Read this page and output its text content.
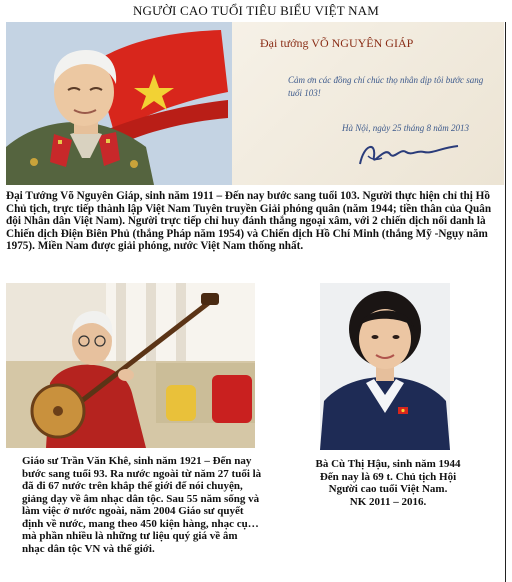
NGƯỜI CAO TUỔI TIÊU BIỂU VIỆT NAM
Đại tướng VÕ NGUYÊN GIÁP
Cảm ơn các đồng chí chúc thọ nhân dịp tôi bước sang tuổi 103!
Hà Nội, ngày 25 tháng 8 năm 2013
Đại Tướng Võ Nguyên Giáp, sinh năm 1911 – Đến nay bước sang tuổi 103. Người thực hiện chỉ thị Hồ Chủ tịch, trực tiếp thành lập Việt Nam Tuyên truyền Giải phóng quân (năm 1944; tiền thân của Quân đội Nhân dân Việt Nam). Người trực tiếp chỉ huy đánh thắng ngoại xâm, với 2 chiến dịch nổi danh là Chiến dịch Điện Biên Phủ (thắng Pháp năm 1954) và Chiến dịch Hồ Chí Minh (thắng Mỹ -Ngụy năm 1975). Miền Nam được giải phóng, nước Việt Nam thống nhất.
Giáo sư Trần Văn Khê, sinh năm 1921 – Đến nay bước sang tuổi 93. Ra nước ngoài từ năm 27 tuổi là đã đi 67 nước trên khắp thế giới để nói chuyện, giảng dạy về âm nhạc dân tộc. Sau 55 năm sống và làm việc ở nước ngoài, năm 2004 Giáo sư quyết định về nước, mang theo 450 kiện hàng, nhạc cụ… mà phần nhiều là những tư liệu quý giá về âm nhạc dân tộc VN và thế giới.
Bà Cù Thị Hậu, sinh năm 1944
Đến nay là 69 t. Chủ tịch Hội
Người cao tuổi Việt Nam.
NK 2011 – 2016.
